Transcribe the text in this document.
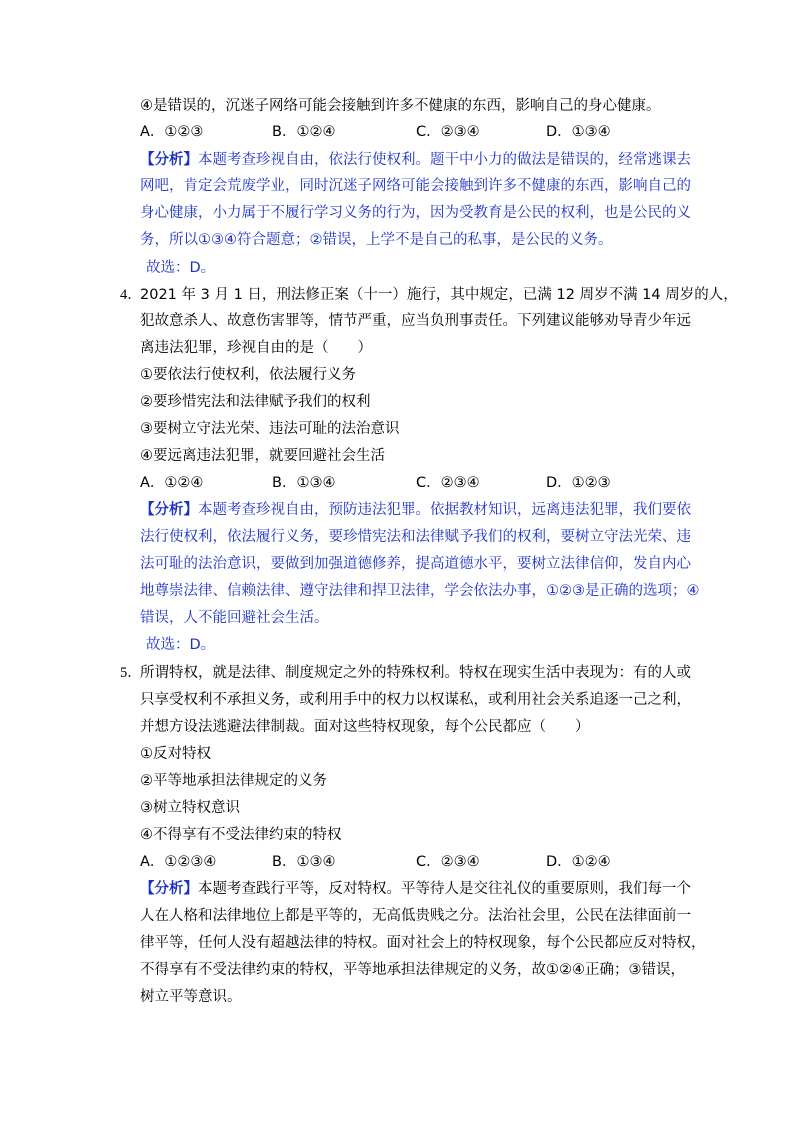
④是错误的，沉迷子网络可能会接触到许多不健康的东西，影响自己的身心健康。
A．①②③	B．①②④	C．②③④	D．①③④
【分析】本题考查珍视自由，依法行使权利。题干中小力的做法是错误的，经常逃课去
网吧，肯定会荒废学业，同时沉迷子网络可能会接触到许多不健康的东西，影响自己的
身心健康，小力属于不履行学习义务的行为，因为受教育是公民的权利，也是公民的义
务，所以①③④符合题意；②错误，上学不是自己的私事，是公民的义务。
故选：D。
4．
2021 年 3 月 1 日，刑法修正案（十一）施行，其中规定，已满 12 周岁不满 14 周岁的人，
犯故意杀人、故意伤害罪等，情节严重，应当负刑事责任。下列建议能够劝导青少年远
离违法犯罪，珍视自由的是（　　）
①要依法行使权利，依法履行义务
②要珍惜宪法和法律赋予我们的权利
③要树立守法光荣、违法可耻的法治意识
④要远离违法犯罪，就要回避社会生活
A．①②④	B．①③④	C．②③④	D．①②③
【分析】本题考查珍视自由，预防违法犯罪。依据教材知识，远离违法犯罪，我们要依
法行使权利，依法履行义务，要珍惜宪法和法律赋予我们的权利，要树立守法光荣、违
法可耻的法治意识，要做到加强道德修养，提高道德水平，要树立法律信仰，发自内心
地尊崇法律、信赖法律、遵守法律和捍卫法律，学会依法办事，①②③是正确的选项；④
错误，人不能回避社会生活。
故选：D。
5．
所谓特权，就是法律、制度规定之外的特殊权利。特权在现实生活中表现为：有的人或
只享受权利不承担义务，或利用手中的权力以权谋私，或利用社会关系追逐一己之利，
并想方设法逃避法律制裁。面对这些特权现象，每个公民都应（　　）
①反对特权
②平等地承担法律规定的义务
③树立特权意识
④不得享有不受法律约束的特权
A．①②③④	B．①③④	C．②③④	D．①②④
【分析】本题考查践行平等，反对特权。平等待人是交往礼仪的重要原则，我们每一个
人在人格和法律地位上都是平等的，无高低贵贱之分。法治社会里，公民在法律面前一
律平等，任何人没有超越法律的特权。面对社会上的特权现象，每个公民都应反对特权，
不得享有不受法律约束的特权，平等地承担法律规定的义务，故①②④正确；③错误，
树立平等意识。
